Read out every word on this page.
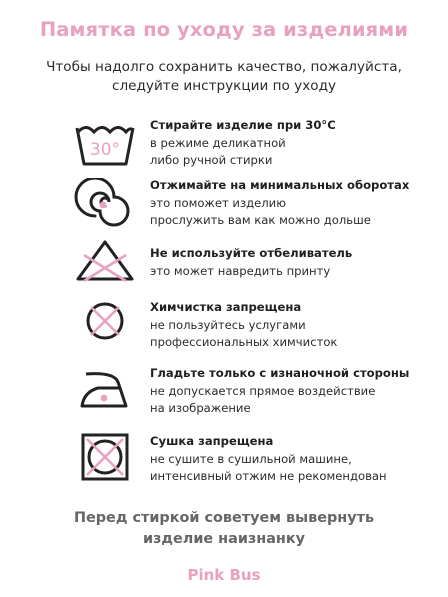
Памятка по уходу за изделиями
Чтобы надолго сохранить качество, пожалуйста,
следуйте инструкции по уходу
30°
Стирайте изделие при 30°С
в режиме деликатной
либо ручной стирки
Отжимайте на минимальных оборотах
это поможет изделию
прослужить вам как можно дольше
Не используйте отбеливатель
это может навредить принту
Химчистка запрещена
не пользуйтесь услугами
профессиональных химчисток
Гладьте только с изнаночной стороны
не допускается прямое воздействие
на изображение
Сушка запрещена
не сушите в сушильной машине,
интенсивный отжим не рекомендован
Перед стиркой советуем вывернуть
изделие наизнанку
Pink Bus
